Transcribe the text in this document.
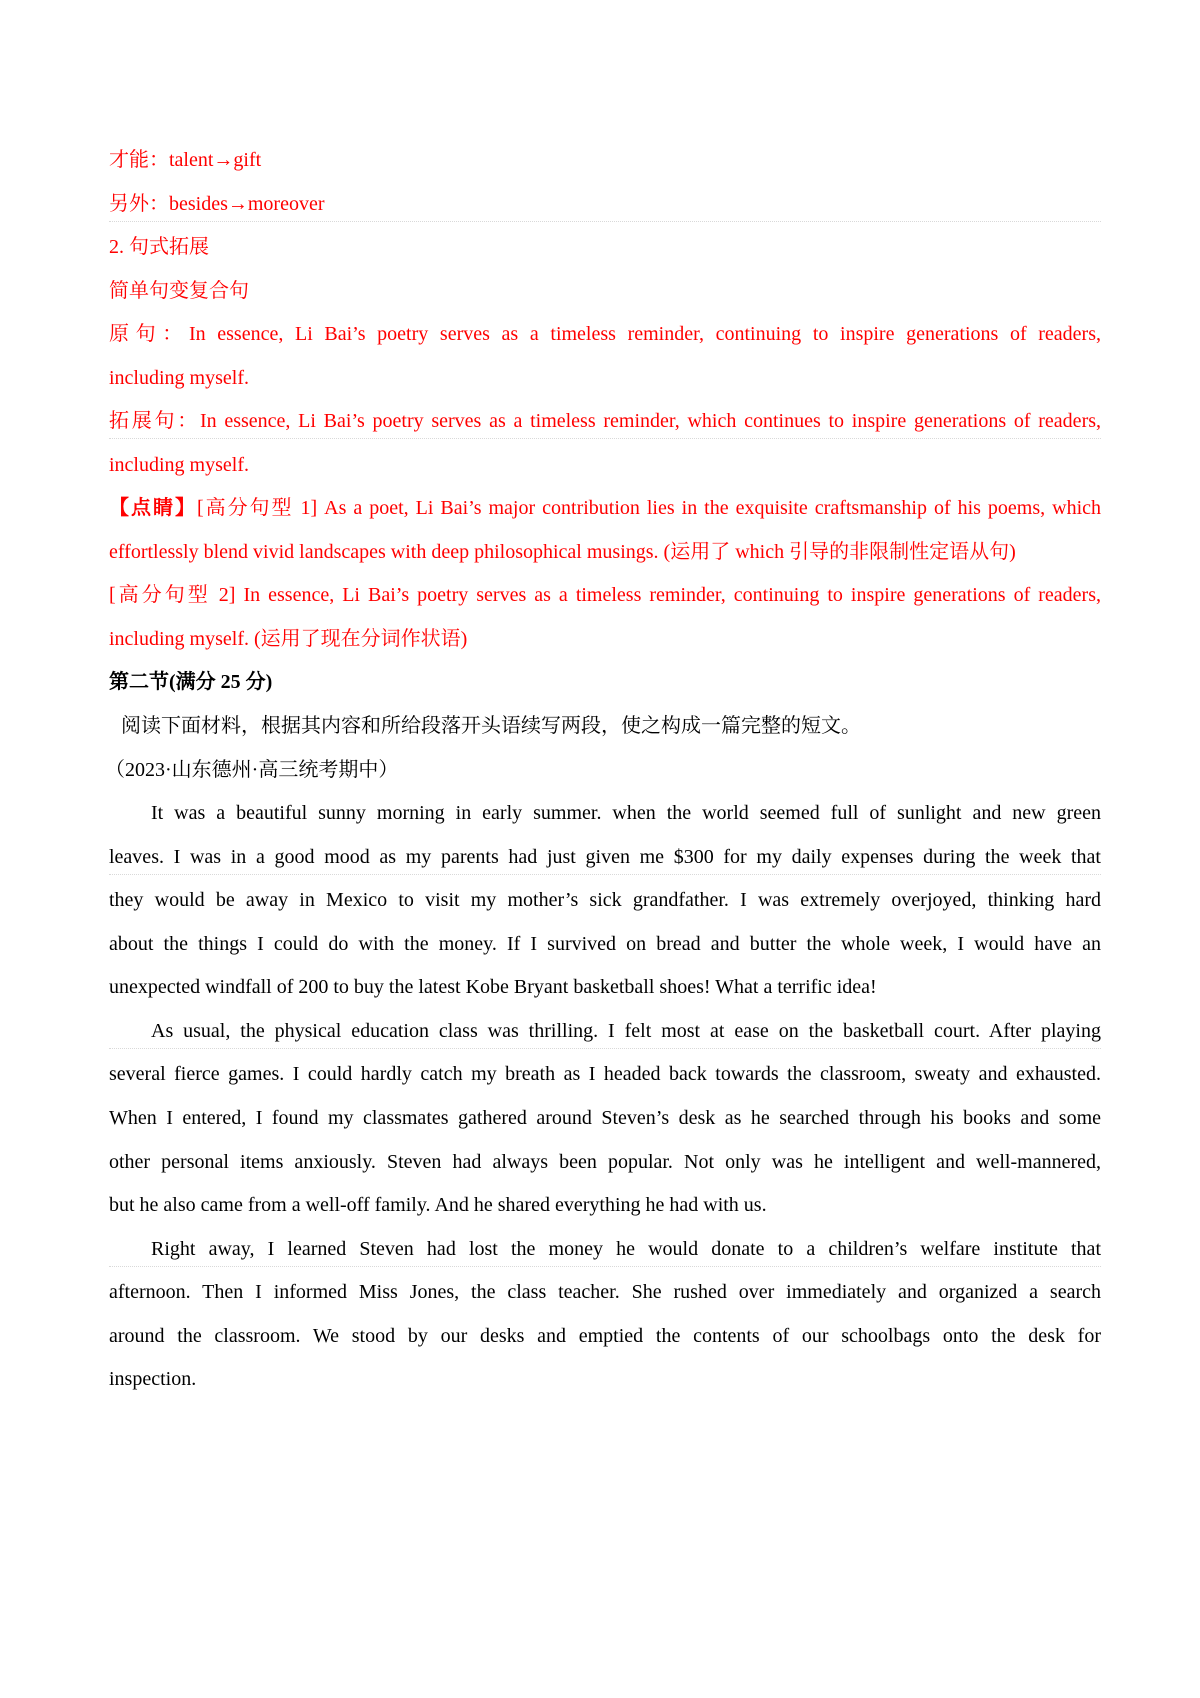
才能：talent→gift
另外：besides→moreover
2. 句式拓展
简单句变复合句
原句：In essence, Li Bai’s poetry serves as a timeless reminder, continuing to inspire generations of readers,
including myself.
拓展句：In essence, Li Bai’s poetry serves as a timeless reminder, which continues to inspire generations of readers,
including myself.
【点睛】[高分句型 1] As a poet, Li Bai’s major contribution lies in the exquisite craftsmanship of his poems, which
effortlessly blend vivid landscapes with deep philosophical musings. (运用了 which 引导的非限制性定语从句)
[高分句型 2] In essence, Li Bai’s poetry serves as a timeless reminder, continuing to inspire generations of readers,
including myself. (运用了现在分词作状语)
第二节(满分 25 分)
阅读下面材料，根据其内容和所给段落开头语续写两段，使之构成一篇完整的短文。
（2023·山东德州·高三统考期中）
It was a beautiful sunny morning in early summer. when the world seemed full of sunlight and new green
leaves. I was in a good mood as my parents had just given me $300 for my daily expenses during the week that
they would be away in Mexico to visit my mother’s sick grandfather. I was extremely overjoyed, thinking hard
about the things I could do with the money. If I survived on bread and butter the whole week, I would have an
unexpected windfall of 200 to buy the latest Kobe Bryant basketball shoes! What a terrific idea!
As usual, the physical education class was thrilling. I felt most at ease on the basketball court. After playing
several fierce games. I could hardly catch my breath as I headed back towards the classroom, sweaty and exhausted.
When I entered, I found my classmates gathered around Steven’s desk as he searched through his books and some
other personal items anxiously. Steven had always been popular. Not only was he intelligent and well-mannered,
but he also came from a well-off family. And he shared everything he had with us.
Right away, I learned Steven had lost the money he would donate to a children’s welfare institute that
afternoon. Then I informed Miss Jones, the class teacher. She rushed over immediately and organized a search
around the classroom. We stood by our desks and emptied the contents of our schoolbags onto the desk for
inspection.
